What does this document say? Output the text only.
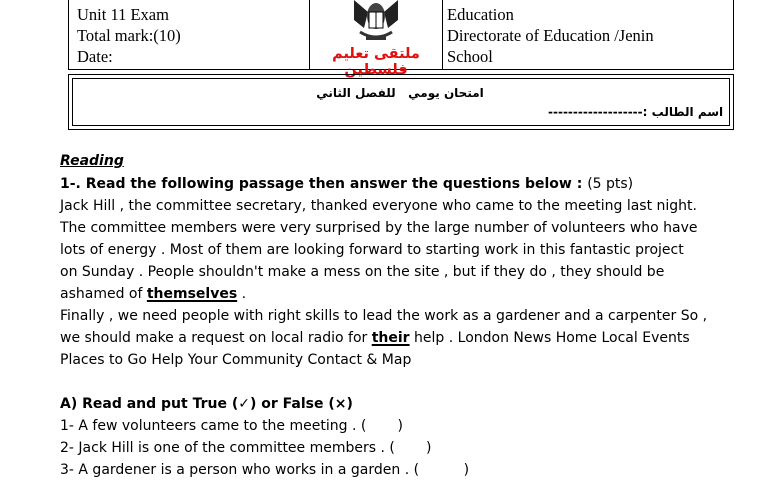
Unit 11 Exam
Total mark:(10)
Date:	ملتقى تعليم فلسطين
Education
Directorate of Education /Jenin
School
امتحان يومي   للفصل الثاني
-------------------اسم الطالب :
Reading
1-. Read the following passage then answer the questions below : (5 pts)
Jack Hill , the committee secretary, thanked everyone who came to the meeting last night.
The committee members were very surprised by the large number of volunteers who have
lots of energy . Most of them are looking forward to starting work in this fantastic project
on Sunday . People shouldn't make a mess on the site , but if they do , they should be
ashamed of themselves .
Finally , we need people with right skills to lead the work as a gardener and a carpenter So ,
we should make a request on local radio for their help . London News Home Local Events
Places to Go Help Your Community Contact & Map
A) Read and put True (✓) or False (×)
1- A few volunteers came to the meeting . (       )
2- Jack Hill is one of the committee members . (       )
3- A gardener is a person who works in a garden . (          )
